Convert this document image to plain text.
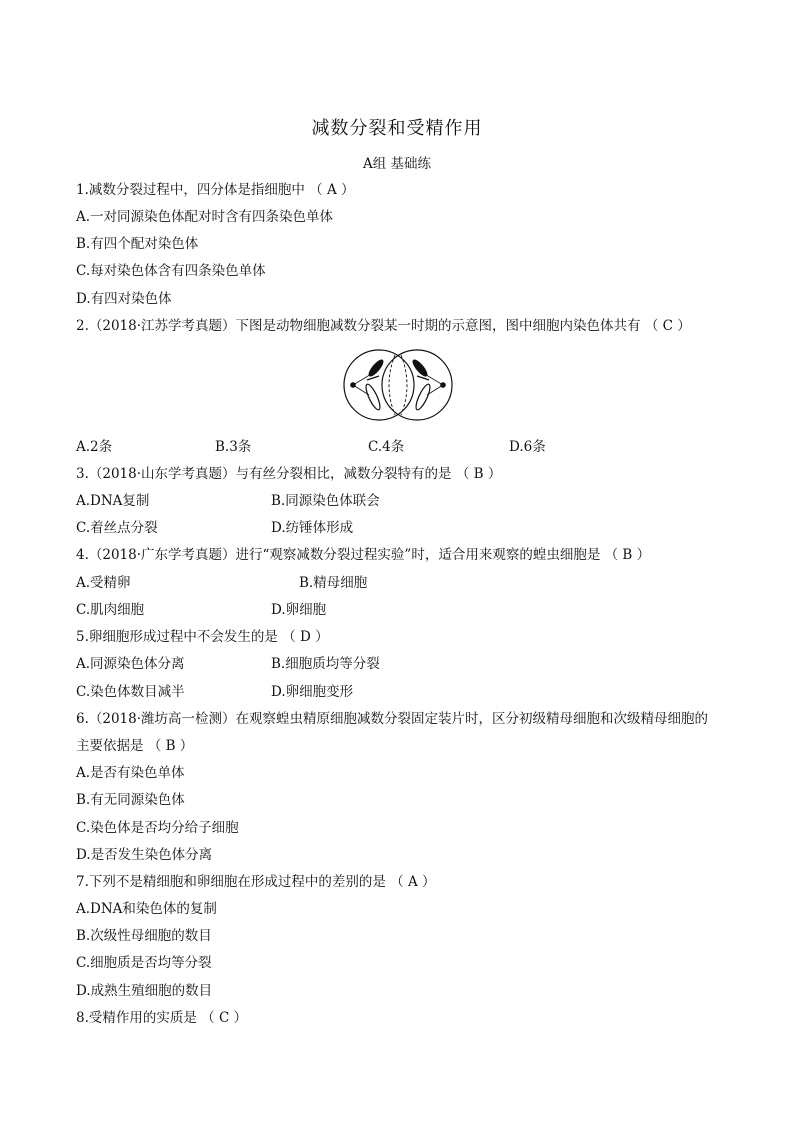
减数分裂和受精作用
A组 基础练
1.减数分裂过程中，四分体是指细胞中 （ A ）
A.一对同源染色体配对时含有四条染色单体
B.有四个配对染色体
C.每对染色体含有四条染色单体
D.有四对染色体
2.（2018·江苏学考真题）下图是动物细胞减数分裂某一时期的示意图，图中细胞内染色体共有 （ C ）
A.2条	B.3条	C.4条	D.6条
3.（2018·山东学考真题）与有丝分裂相比，减数分裂特有的是 （ B ）
A.DNA复制	B.同源染色体联会
C.着丝点分裂	D.纺锤体形成
4.（2018·广东学考真题）进行“观察减数分裂过程实验”时，适合用来观察的蝗虫细胞是 （ B ）
A.受精卵	B.精母细胞
C.肌肉细胞	D.卵细胞
5.卵细胞形成过程中不会发生的是 （ D ）
A.同源染色体分离	B.细胞质均等分裂
C.染色体数目减半	D.卵细胞变形
6.（2018·潍坊高一检测）在观察蝗虫精原细胞减数分裂固定装片时，区分初级精母细胞和次级精母细胞的
主要依据是 （ B ）
A.是否有染色单体
B.有无同源染色体
C.染色体是否均分给子细胞
D.是否发生染色体分离
7.下列不是精细胞和卵细胞在形成过程中的差别的是 （ A ）
A.DNA和染色体的复制
B.次级性母细胞的数目
C.细胞质是否均等分裂
D.成熟生殖细胞的数目
8.受精作用的实质是 （ C ）
